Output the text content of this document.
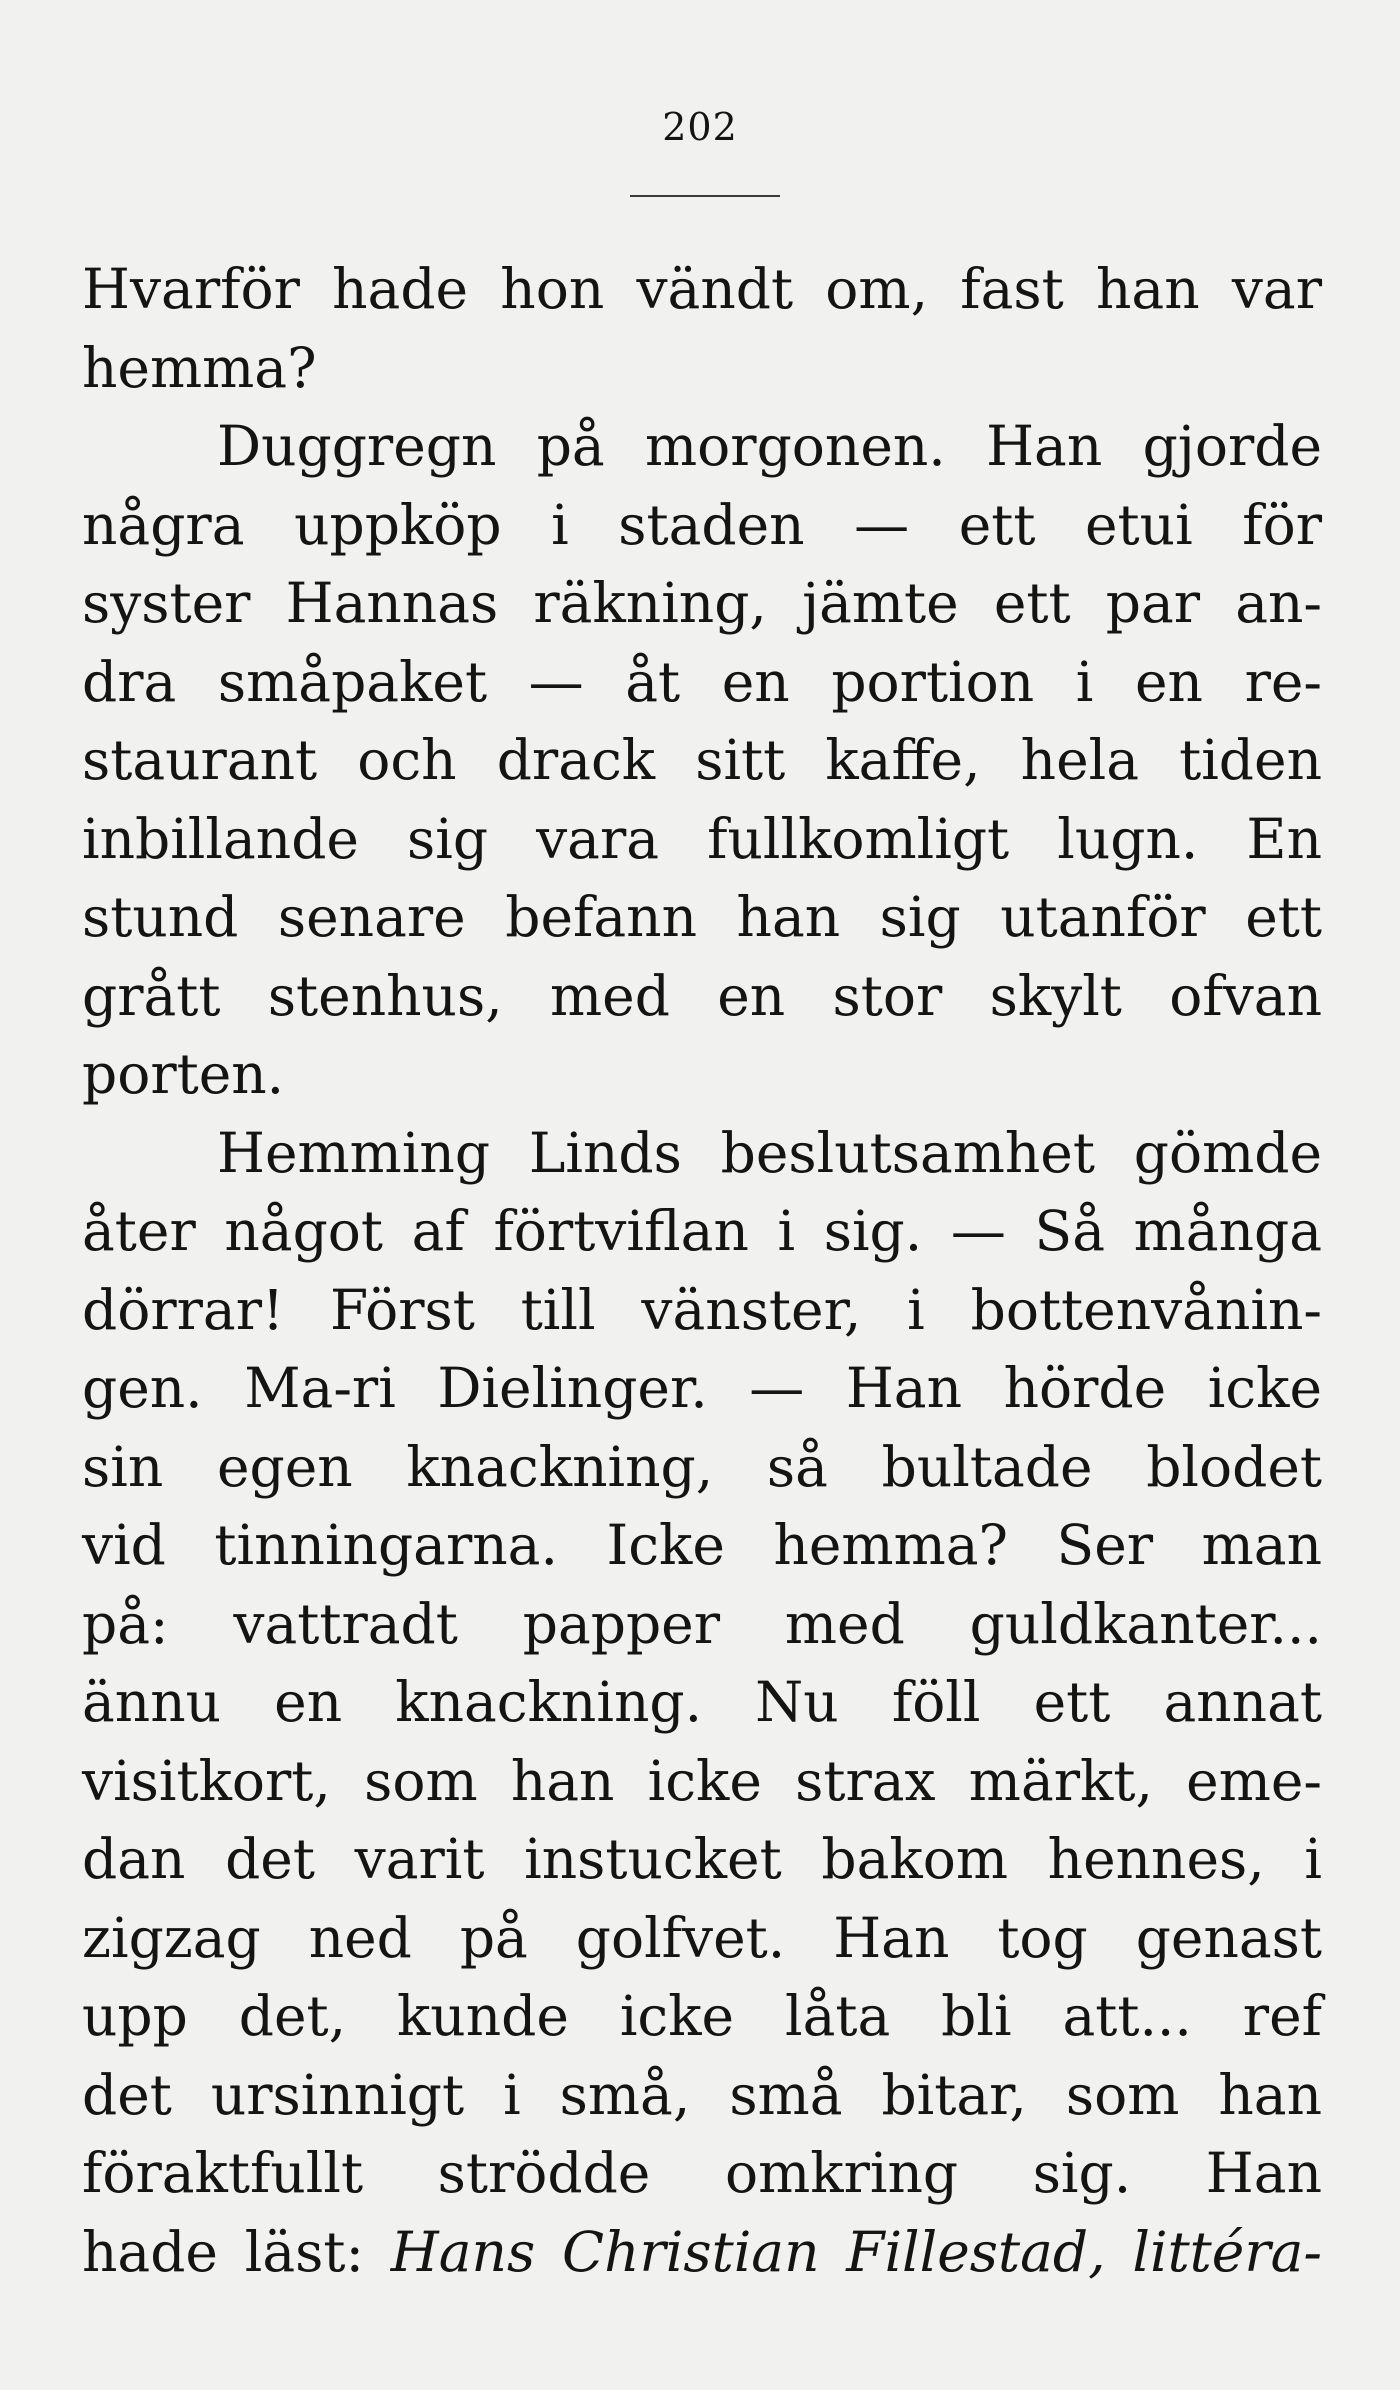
202
Hvarför hade hon vändt om, fast han var
hemma?
Duggregn på morgonen. Han gjorde
några uppköp i staden — ett etui för
syster Hannas räkning, jämte ett par an-
dra småpaket — åt en portion i en re-
staurant och drack sitt kaffe, hela tiden
inbillande sig vara fullkomligt lugn. En
stund senare befann han sig utanför ett
grått stenhus, med en stor skylt ofvan
porten.
Hemming Linds beslutsamhet gömde
åter något af förtviflan i sig. — Så många
dörrar! Först till vänster, i bottenvånin-
gen. Ma-ri Dielinger. — Han hörde icke
sin egen knackning, så bultade blodet
vid tinningarna. Icke hemma? Ser man
på: vattradt papper med guldkanter...
ännu en knackning. Nu föll ett annat
visitkort, som han icke strax märkt, eme-
dan det varit instucket bakom hennes, i
zigzag ned på golfvet. Han tog genast
upp det, kunde icke låta bli att... ref
det ursinnigt i små, små bitar, som han
föraktfullt strödde omkring sig. Han
hade läst: Hans Christian Fillestad, littéra-
